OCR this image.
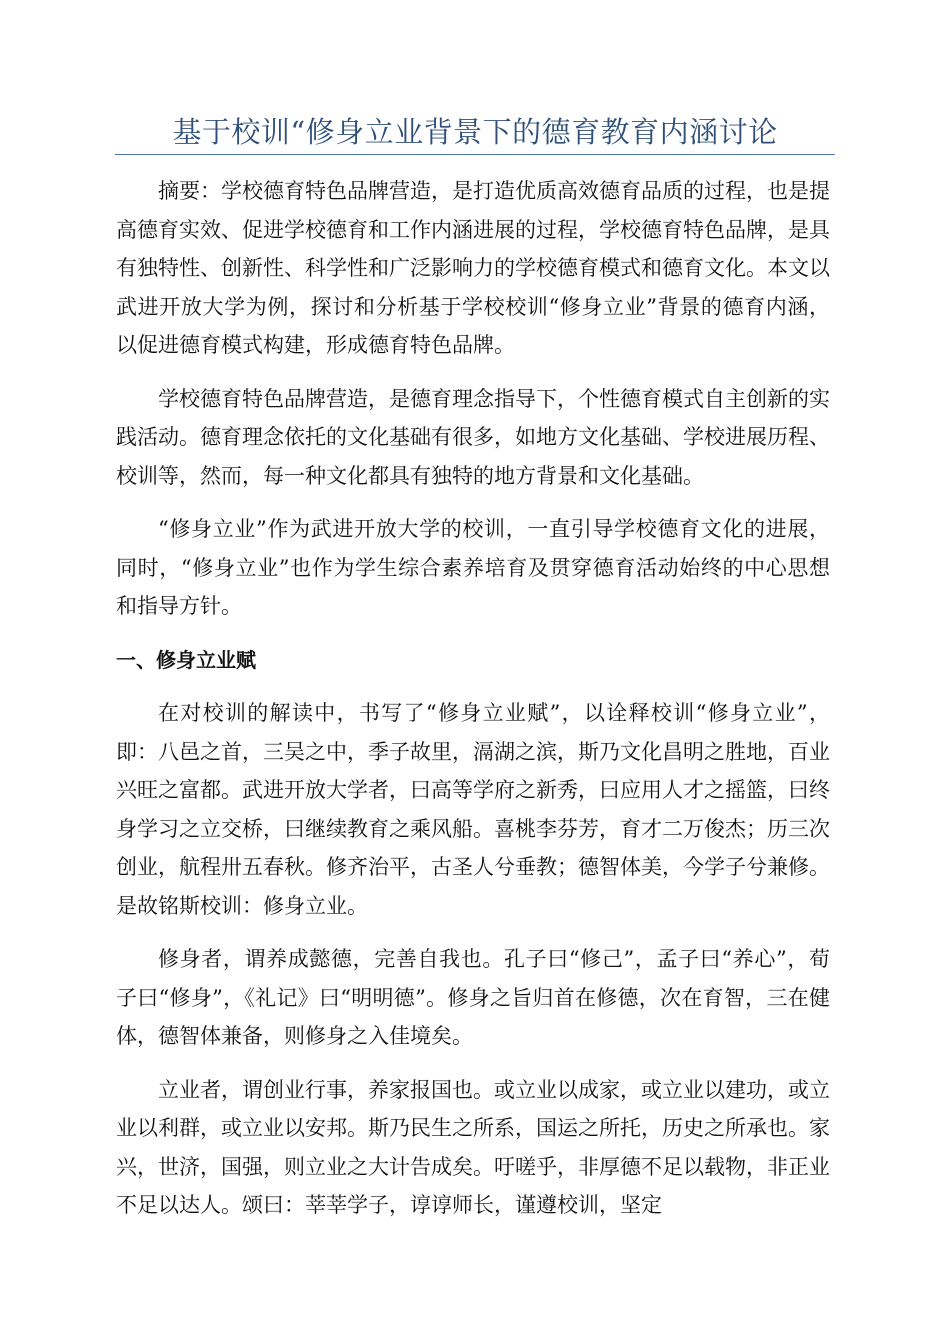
基于校训“修身立业背景下的德育教育内涵讨论

摘要：学校德育特色品牌营造，是打造优质高效德育品质的过程，也是提高德育实效、促进学校德育和工作内涵进展的过程，学校德育特色品牌，是具有独特性、创新性、科学性和广泛影响力的学校德育模式和德育文化。本文以武进开放大学为例，探讨和分析基于学校校训“修身立业”背景的德育内涵，以促进德育模式构建，形成德育特色品牌。

学校德育特色品牌营造，是德育理念指导下，个性德育模式自主创新的实践活动。德育理念依托的文化基础有很多，如地方文化基础、学校进展历程、校训等，然而，每一种文化都具有独特的地方背景和文化基础。

“修身立业”作为武进开放大学的校训，一直引导学校德育文化的进展，同时，“修身立业”也作为学生综合素养培育及贯穿德育活动始终的中心思想和指导方针。

一、修身立业赋

在对校训的解读中，书写了“修身立业赋”，以诠释校训“修身立业”，即：八邑之首，三吴之中，季子故里，滆湖之滨，斯乃文化昌明之胜地，百业兴旺之富都。武进开放大学者，曰高等学府之新秀，曰应用人才之摇篮，曰终身学习之立交桥，曰继续教育之乘风船。喜桃李芬芳，育才二万俊杰；历三次创业，航程卅五春秋。修齐治平，古圣人兮垂教；德智体美，今学子兮兼修。是故铭斯校训：修身立业。

修身者，谓养成懿德，完善自我也。孔子曰“修己”，孟子曰“养心”，荀子曰“修身”，《礼记》曰“明明德”。修身之旨归首在修德，次在育智，三在健体，德智体兼备，则修身之入佳境矣。

立业者，谓创业行事，养家报国也。或立业以成家，或立业以建功，或立业以利群，或立业以安邦。斯乃民生之所系，国运之所托，历史之所承也。家兴，世济，国强，则立业之大计告成矣。吁嗟乎，非厚德不足以载物，非正业不足以达人。颂曰：莘莘学子，谆谆师长，谨遵校训，坚定
